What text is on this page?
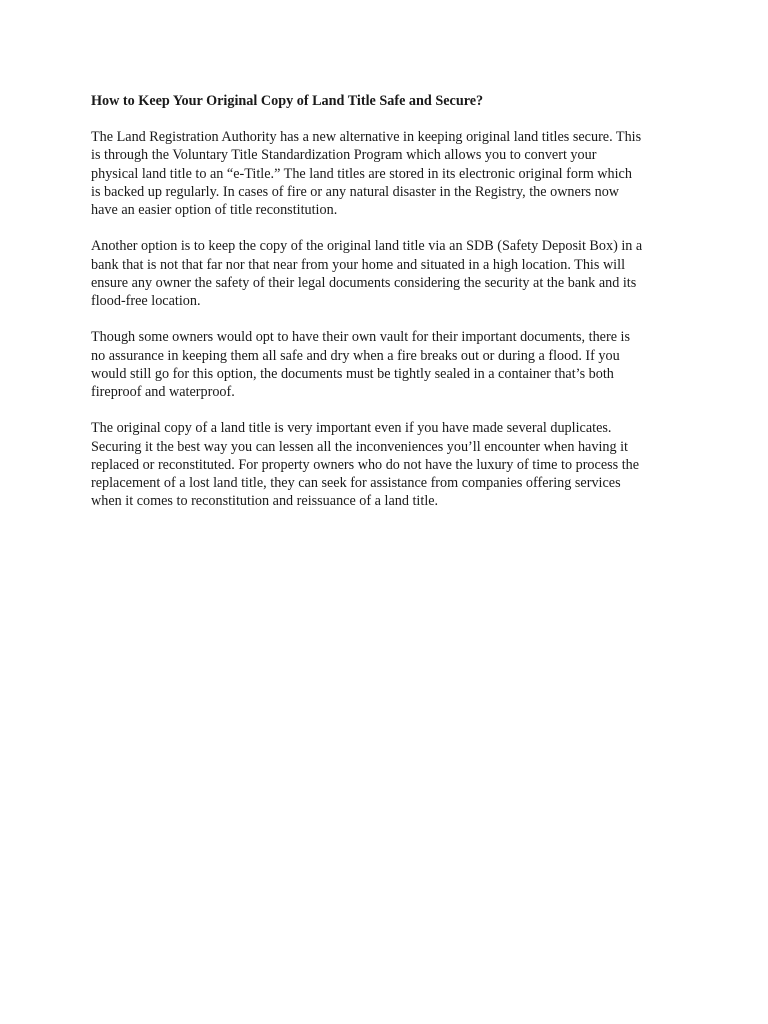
How to Keep Your Original Copy of Land Title Safe and Secure?

The Land Registration Authority has a new alternative in keeping original land titles secure. This
is through the Voluntary Title Standardization Program which allows you to convert your
physical land title to an “e-Title.” The land titles are stored in its electronic original form which
is backed up regularly. In cases of fire or any natural disaster in the Registry, the owners now
have an easier option of title reconstitution.

Another option is to keep the copy of the original land title via an SDB (Safety Deposit Box) in a
bank that is not that far nor that near from your home and situated in a high location. This will
ensure any owner the safety of their legal documents considering the security at the bank and its
flood-free location.

Though some owners would opt to have their own vault for their important documents, there is
no assurance in keeping them all safe and dry when a fire breaks out or during a flood. If you
would still go for this option, the documents must be tightly sealed in a container that’s both
fireproof and waterproof.

The original copy of a land title is very important even if you have made several duplicates.
Securing it the best way you can lessen all the inconveniences you’ll encounter when having it
replaced or reconstituted. For property owners who do not have the luxury of time to process the
replacement of a lost land title, they can seek for assistance from companies offering services
when it comes to reconstitution and reissuance of a land title.
